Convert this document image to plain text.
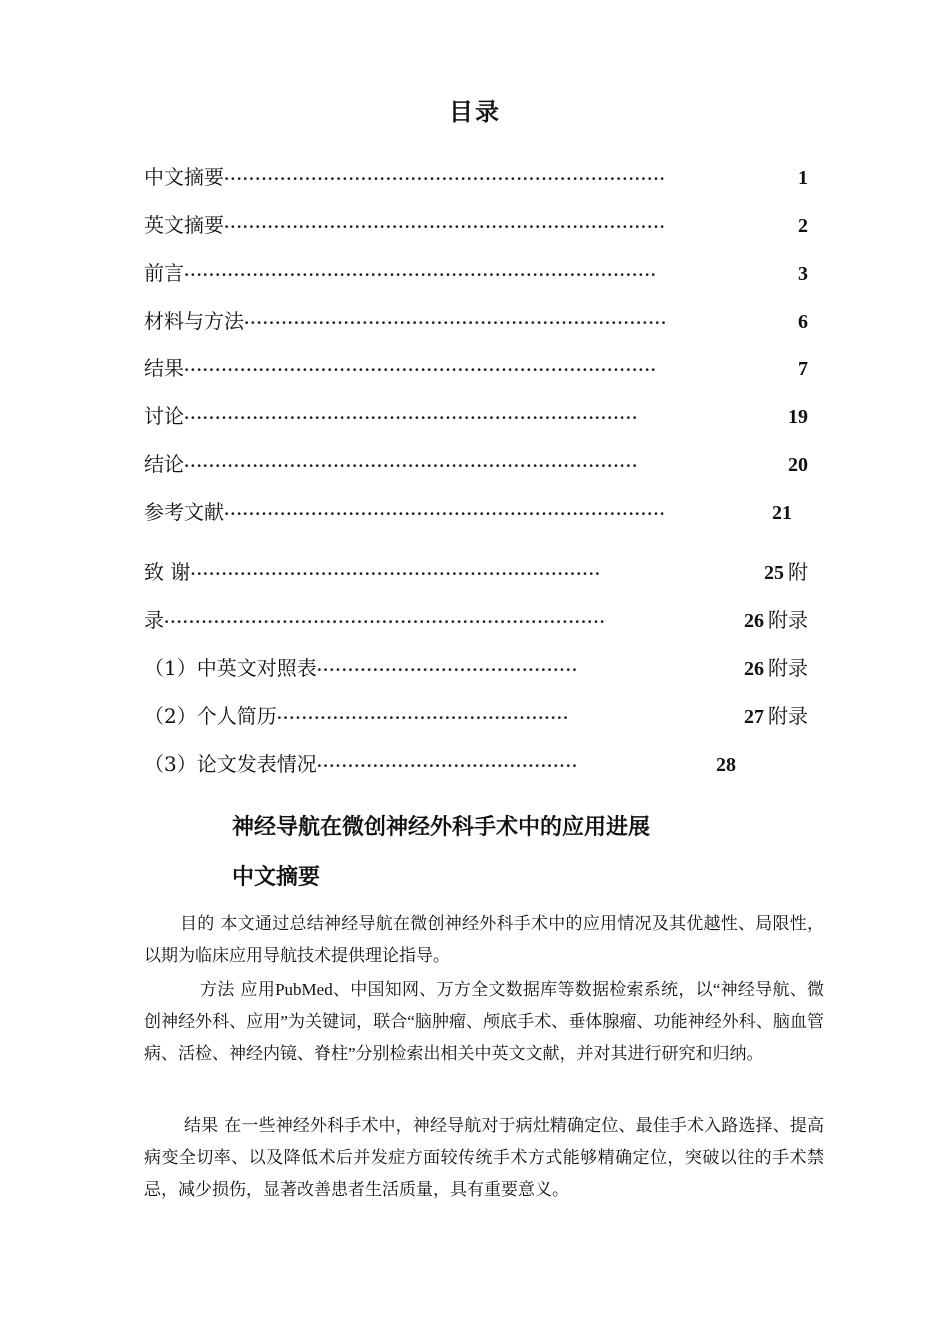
目录
中文摘要 ·······································································	1
英文摘要 ·······································································	2
前言 ············································································	3
材料与方法 ····································································	6
结果 ············································································	7
讨论 ·········································································	19
结论 ·········································································	20
参考文献 ·······································································	21
致 谢 ··································································	25 附
录 ·······································································	26 附录
（1）中英文对照表 ··········································	26 附录
（2）个人简历 ···············································	27 附录
（3）论文发表情况 ··········································	28
神经导航在微创神经外科手术中的应用进展
中文摘要
目的 本文通过总结神经导航在微创神经外科手术中的应用情况及其优越性、局限性，以期为临床应用导航技术提供理论指导。
方法 应用PubMed、中国知网、万方全文数据库等数据检索系统，以“神经导航、微创神经外科、应用”为关键词，联合“脑肿瘤、颅底手术、垂体腺瘤、功能神经外科、脑血管病、活检、神经内镜、脊柱”分别检索出相关中英文文献，并对其进行研究和归纳。
结果 在一些神经外科手术中，神经导航对于病灶精确定位、最佳手术入路选择、提高病变全切率、以及降低术后并发症方面较传统手术方式能够精确定位，突破以往的手术禁忌，减少损伤，显著改善患者生活质量，具有重要意义。
